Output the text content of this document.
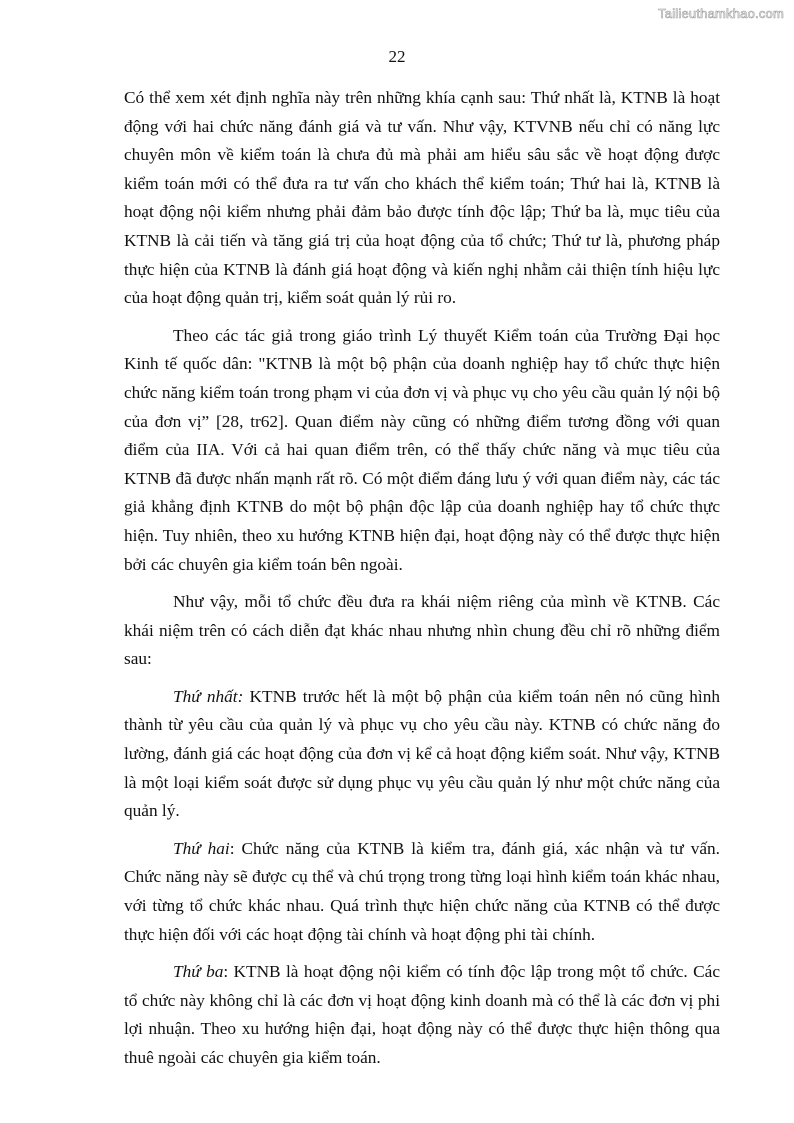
Tailieuthamkhao.com
22

Có thể xem xét định nghĩa này trên những khía cạnh sau: Thứ nhất là, KTNB là hoạt động với hai chức năng đánh giá và tư vấn. Như vậy, KTVNB nếu chỉ có năng lực chuyên môn về kiểm toán là chưa đủ mà phải am hiểu sâu sắc về hoạt động được kiểm toán mới có thể đưa ra tư vấn cho khách thể kiểm toán; Thứ hai là, KTNB là hoạt động nội kiểm nhưng phải đảm bảo được tính độc lập; Thứ ba là, mục tiêu của KTNB là cải tiến và tăng giá trị của hoạt động của tổ chức; Thứ tư là, phương pháp thực hiện của KTNB là đánh giá hoạt động và kiến nghị nhằm cải thiện tính hiệu lực của hoạt động quản trị, kiểm soát quản lý rủi ro.

Theo các tác giả trong giáo trình Lý thuyết Kiểm toán của Trường Đại học Kinh tế quốc dân: "KTNB là một bộ phận của doanh nghiệp hay tổ chức thực hiện chức năng kiểm toán trong phạm vi của đơn vị và phục vụ cho yêu cầu quản lý nội bộ của đơn vị” [28, tr62]. Quan điểm này cũng có những điểm tương đồng với quan điểm của IIA. Với cả hai quan điểm trên, có thể thấy chức năng và mục tiêu của KTNB đã được nhấn mạnh rất rõ. Có một điểm đáng lưu ý với quan điểm này, các tác giả khẳng định KTNB do một bộ phận độc lập của doanh nghiệp hay tổ chức thực hiện. Tuy nhiên, theo xu hướng KTNB hiện đại, hoạt động này có thể được thực hiện bởi các chuyên gia kiểm toán bên ngoài.

Như vậy, mỗi tổ chức đều đưa ra khái niệm riêng của mình về KTNB. Các khái niệm trên có cách diễn đạt khác nhau nhưng nhìn chung đều chỉ rõ những điểm sau:

Thứ nhất: KTNB trước hết là một bộ phận của kiểm toán nên nó cũng hình thành từ yêu cầu của quản lý và phục vụ cho yêu cầu này. KTNB có chức năng đo lường, đánh giá các hoạt động của đơn vị kể cả hoạt động kiểm soát. Như vậy, KTNB là một loại kiểm soát được sử dụng phục vụ yêu cầu quản lý như một chức năng của quản lý.

Thứ hai: Chức năng của KTNB là kiểm tra, đánh giá, xác nhận và tư vấn. Chức năng này sẽ được cụ thể và chú trọng trong từng loại hình kiểm toán khác nhau, với từng tổ chức khác nhau. Quá trình thực hiện chức năng của KTNB có thể được thực hiện đối với các hoạt động tài chính và hoạt động phi tài chính.

Thứ ba: KTNB là hoạt động nội kiểm có tính độc lập trong một tổ chức. Các tổ chức này không chỉ là các đơn vị hoạt động kinh doanh mà có thể là các đơn vị phi lợi nhuận. Theo xu hướng hiện đại, hoạt động này có thể được thực hiện thông qua thuê ngoài các chuyên gia kiểm toán.
